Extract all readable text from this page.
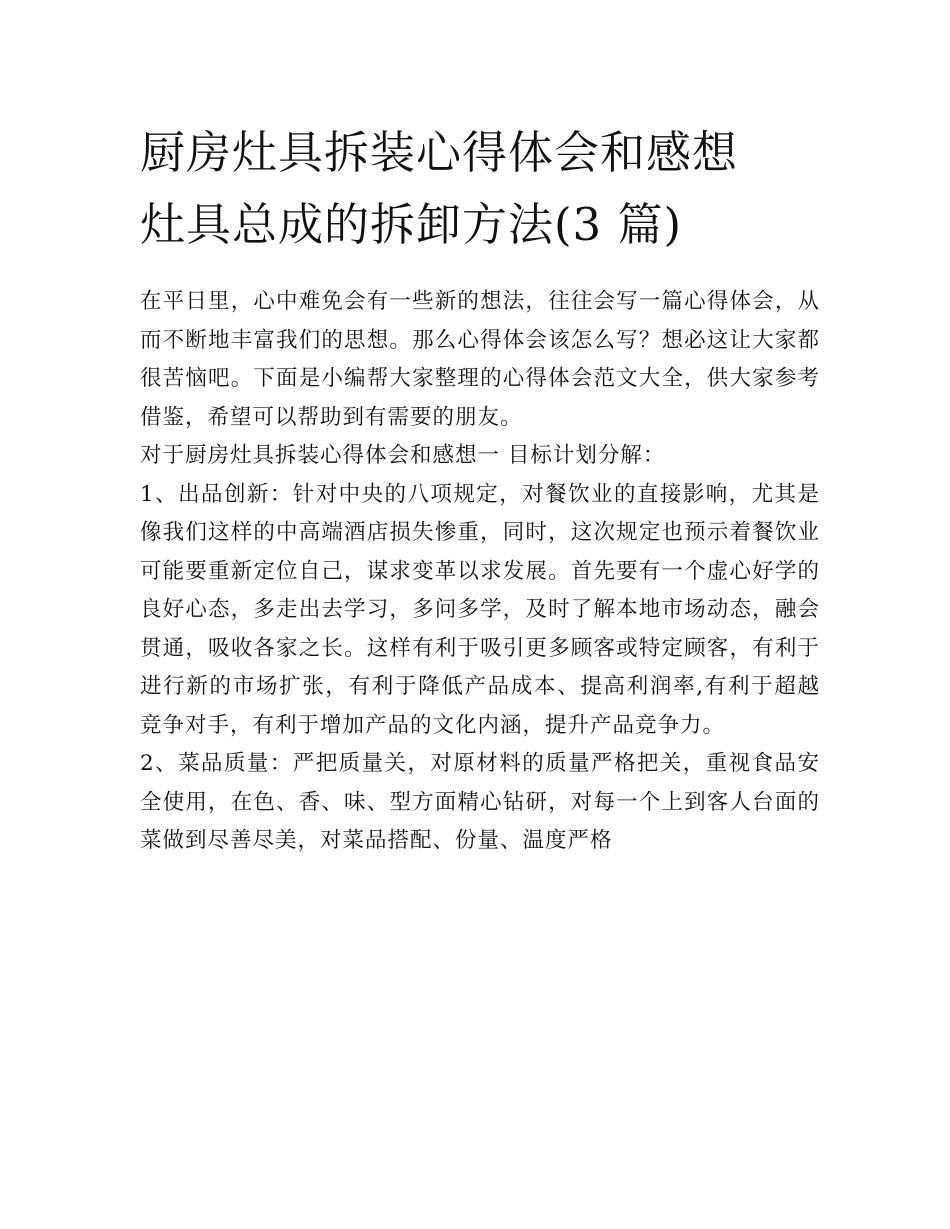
厨房灶具拆装心得体会和感想
灶具总成的拆卸方法(3 篇)

在平日里，心中难免会有一些新的想法，往往会写一篇心得体会，从而不断地丰富我们的思想。那么心得体会该怎么写？想必这让大家都很苦恼吧。下面是小编帮大家整理的心得体会范文大全，供大家参考借鉴，希望可以帮助到有需要的朋友。

对于厨房灶具拆装心得体会和感想一 目标计划分解：

1、出品创新：针对中央的八项规定，对餐饮业的直接影响，尤其是像我们这样的中高端酒店损失惨重，同时，这次规定也预示着餐饮业可能要重新定位自己，谋求变革以求发展。首先要有一个虚心好学的良好心态，多走出去学习，多问多学，及时了解本地市场动态，融会贯通，吸收各家之长。这样有利于吸引更多顾客或特定顾客，有利于进行新的市场扩张，有利于降低产品成本、提高利润率,有利于超越竞争对手，有利于增加产品的文化内涵，提升产品竞争力。

2、菜品质量：严把质量关，对原材料的质量严格把关，重视食品安全使用，在色、香、味、型方面精心钻研，对每一个上到客人台面的菜做到尽善尽美，对菜品搭配、份量、温度严格
